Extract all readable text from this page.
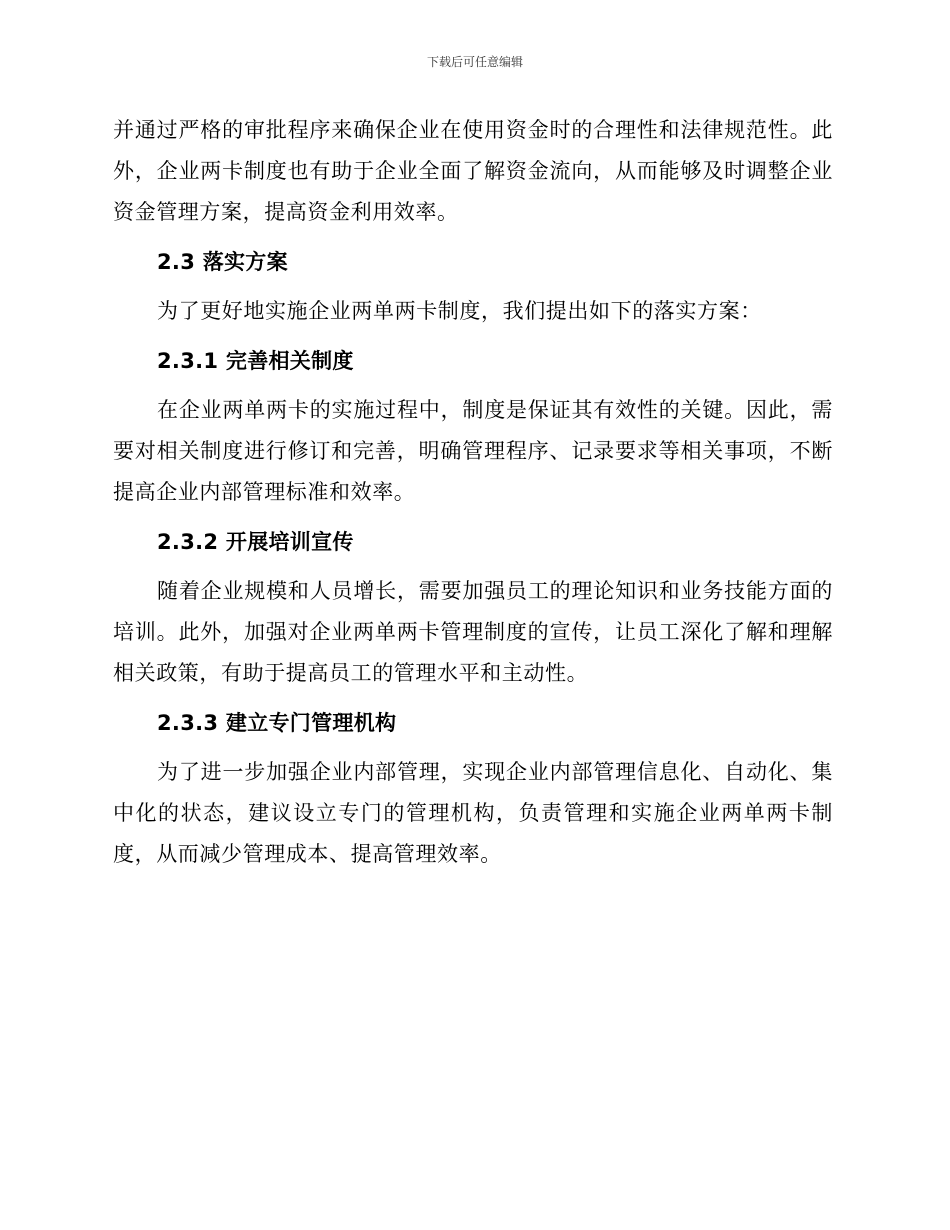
下载后可任意编辑

并通过严格的审批程序来确保企业在使用资金时的合理性和法律规范性。此外，企业两卡制度也有助于企业全面了解资金流向，从而能够及时调整企业资金管理方案，提高资金利用效率。

2.3 落实方案

为了更好地实施企业两单两卡制度，我们提出如下的落实方案：

2.3.1 完善相关制度

在企业两单两卡的实施过程中，制度是保证其有效性的关键。因此，需要对相关制度进行修订和完善，明确管理程序、记录要求等相关事项，不断提高企业内部管理标准和效率。

2.3.2 开展培训宣传

随着企业规模和人员增长，需要加强员工的理论知识和业务技能方面的培训。此外，加强对企业两单两卡管理制度的宣传，让员工深化了解和理解相关政策，有助于提高员工的管理水平和主动性。

2.3.3 建立专门管理机构

为了进一步加强企业内部管理，实现企业内部管理信息化、自动化、集中化的状态，建议设立专门的管理机构，负责管理和实施企业两单两卡制度，从而减少管理成本、提高管理效率。
